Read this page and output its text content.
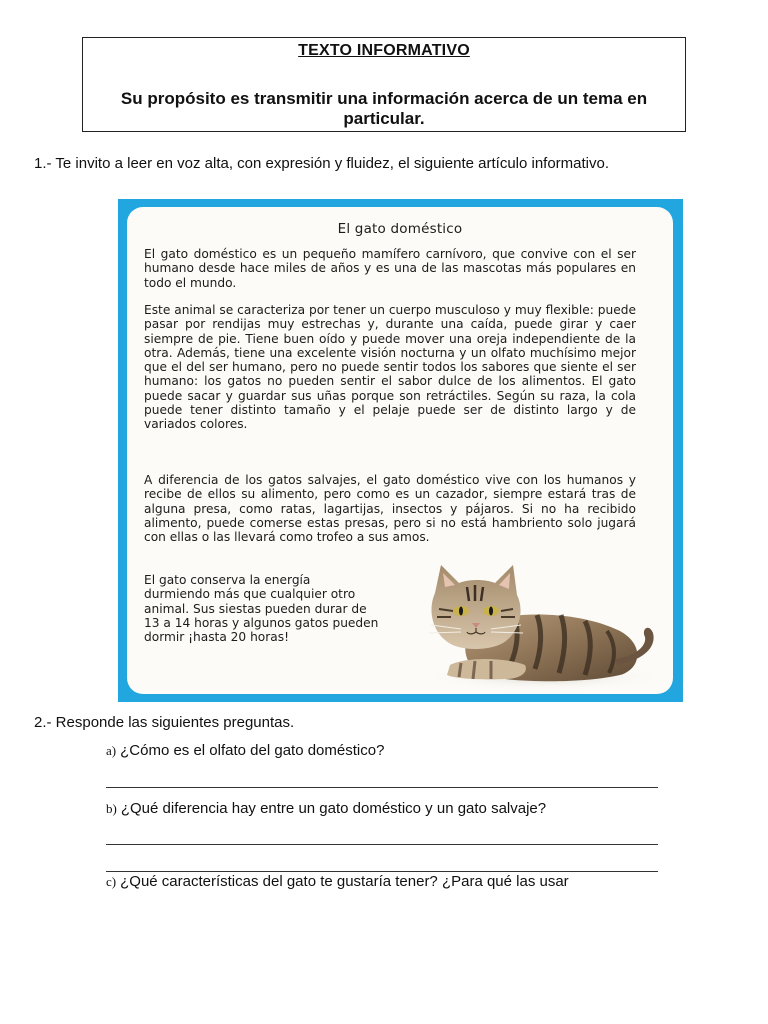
TEXTO INFORMATIVO
Su propósito es transmitir una información acerca de un tema en particular.
1.- Te invito a leer en voz alta, con expresión y fluidez, el siguiente artículo informativo.
El gato doméstico
El gato doméstico es un pequeño mamífero carnívoro, que convive con el ser humano desde hace miles de años y es una de las mascotas más populares en todo el mundo.
Este animal se caracteriza por tener un cuerpo musculoso y muy flexible: puede pasar por rendijas muy estrechas y, durante una caída, puede girar y caer siempre de pie. Tiene buen oído y puede mover una oreja independiente de la otra. Además, tiene una excelente visión nocturna y un olfato muchísimo mejor que el del ser humano, pero no puede sentir todos los sabores que siente el ser humano: los gatos no pueden sentir el sabor dulce de los alimentos. El gato puede sacar y guardar sus uñas porque son retráctiles. Según su raza, la cola puede tener distinto tamaño y el pelaje puede ser de distinto largo y de variados colores.
A diferencia de los gatos salvajes, el gato doméstico vive con los humanos y recibe de ellos su alimento, pero como es un cazador, siempre estará tras de alguna presa, como ratas, lagartijas, insectos y pájaros. Si no ha recibido alimento, puede comerse estas presas, pero si no está hambriento solo jugará con ellas o las llevará como trofeo a sus amos.
El gato conserva la energía durmiendo más que cualquier otro animal. Sus siestas pueden durar de 13 a 14 horas y algunos gatos pueden dormir ¡hasta 20 horas!
2.- Responde las siguientes preguntas.
a) ¿Cómo es el olfato del gato doméstico?
b) ¿Qué diferencia hay entre un gato doméstico y un gato salvaje?
c) ¿Qué características del gato te gustaría tener? ¿Para qué las usar
